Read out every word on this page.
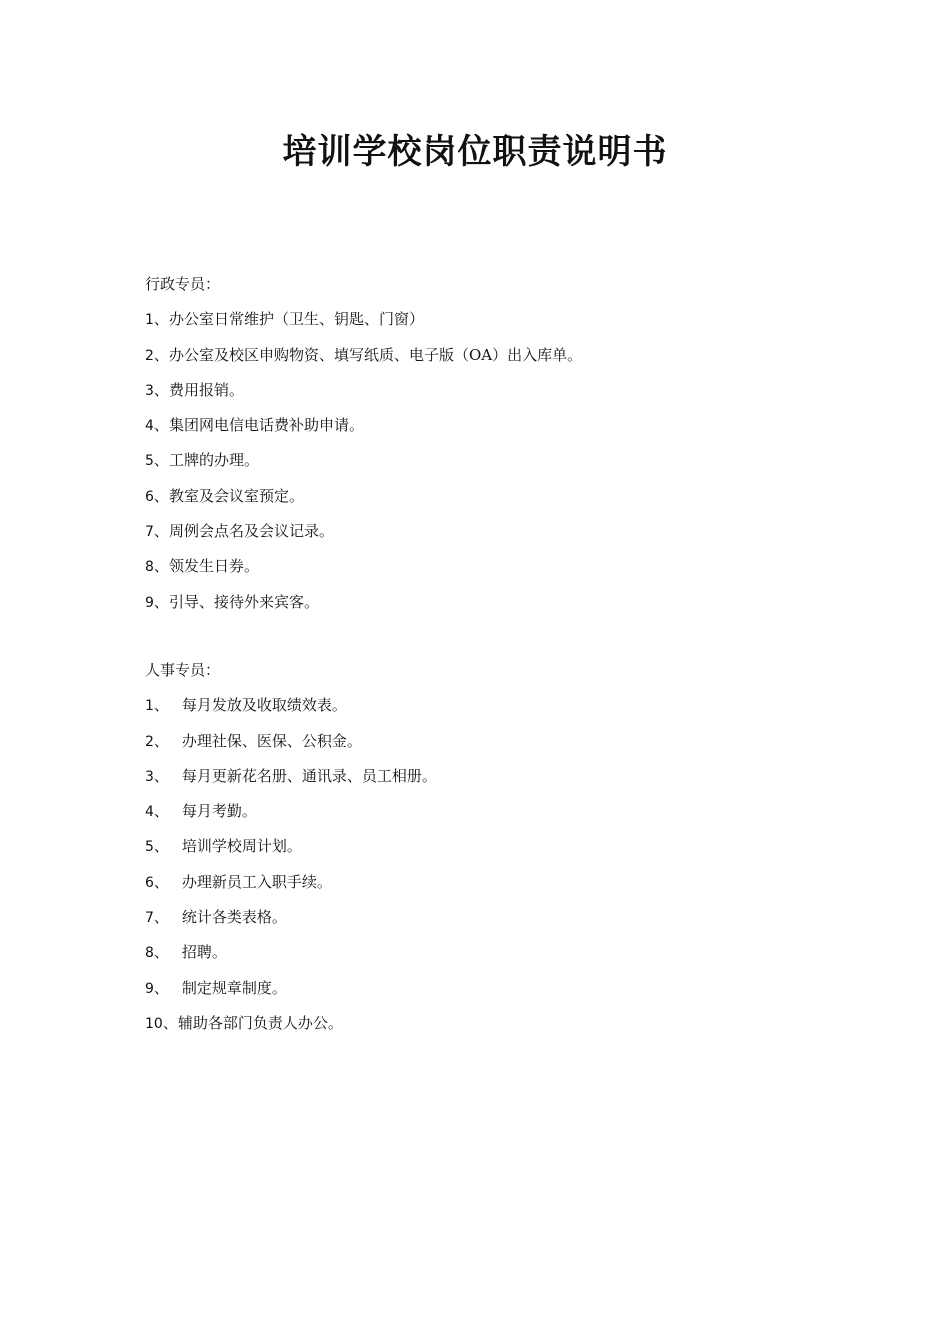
培训学校岗位职责说明书
行政专员：
1、办公室日常维护（卫生、钥匙、门窗）
2、办公室及校区申购物资、填写纸质、电子版（OA）出入库单。
3、费用报销。
4、集团网电信电话费补助申请。
5、工牌的办理。
6、教室及会议室预定。
7、周例会点名及会议记录。
8、领发生日券。
9、引导、接待外来宾客。
人事专员：
1、 每月发放及收取绩效表。
2、 办理社保、医保、公积金。
3、 每月更新花名册、通讯录、员工相册。
4、 每月考勤。
5、 培训学校周计划。
6、 办理新员工入职手续。
7、 统计各类表格。
8、 招聘。
9、 制定规章制度。
10、辅助各部门负责人办公。
